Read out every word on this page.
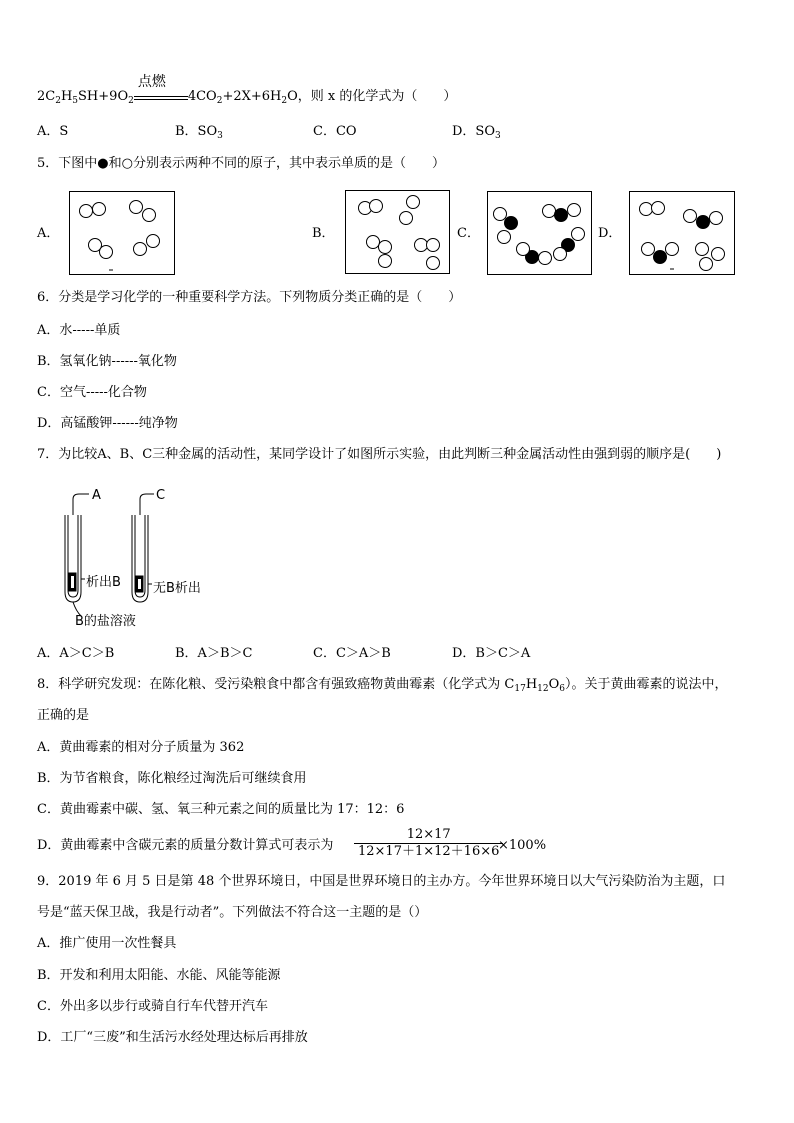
$2C_2H_5SH+9O_2$
点燃
$4CO_2+2X+6H_2O$，则 x 的化学式为（　　）
A．S	B．$SO_3$	C．CO	D．$SO_3$
5．下图中●和○分别表示两种不同的原子，其中表示单质的是（　　）
A．	B．	C．	D．
6．分类是学习化学的一种重要科学方法。下列物质分类正确的是（　　）
A．水-----单质
B．氢氧化钠------氧化物
C．空气-----化合物
D．高锰酸钾------纯净物
7．为比较A、B、C三种金属的活动性，某同学设计了如图所示实验，由此判断三种金属活动性由强到弱的顺序是(　　)
A	C
析出B 无B析出
B的盐溶液
A．A＞C＞B	B．A＞B＞C	C．C＞A＞B	D．B＞C＞A
8．科学研究发现：在陈化粮、受污染粮食中都含有强致癌物黄曲霉素（化学式为 $C_{17}H_{12}O_6$）。关于黄曲霉素的说法中，
正确的是
A．黄曲霉素的相对分子质量为 362
B．为节省粮食，陈化粮经过淘洗后可继续食用
C．黄曲霉素中碳、氢、氧三种元素之间的质量比为 17：12：6
D．黄曲霉素中含碳元素的质量分数计算式可表示为 $\frac{12\times 17}{12\times 17+1\times 12+16\times 6}$
×100%
9．2019 年 6 月 5 日是第 48 个世界环境日，中国是世界环境日的主办方。今年世界环境日以大气污染防治为主题，口
号是“蓝天保卫战，我是行动者”。下列做法不符合这一主题的是（）
A．推广使用一次性餐具
B．开发和利用太阳能、水能、风能等能源
C．外出多以步行或骑自行车代替开汽车
D．工厂“三废”和生活污水经处理达标后再排放
